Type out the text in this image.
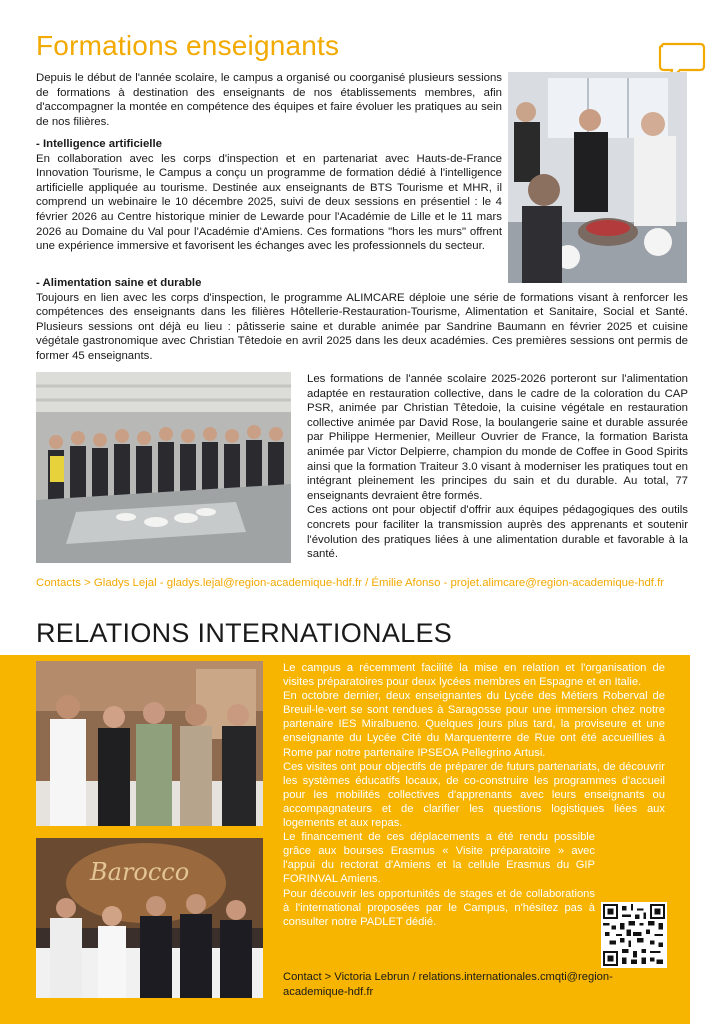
Formations enseignants

Depuis le début de l'année scolaire, le campus a organisé ou coorganisé plusieurs sessions de formations à destination des enseignants de nos établissements membres, afin d'accompagner la montée en compétence des équipes et faire évoluer les pratiques au sein de nos filières.

- Intelligence artificielle

En collaboration avec les corps d'inspection et en partenariat avec Hauts-de-France Innovation Tourisme, le Campus a conçu un programme de formation dédié à l'intelligence artificielle appliquée au tourisme. Destinée aux enseignants de BTS Tourisme et MHR, il comprend un webinaire le 10 décembre 2025, suivi de deux sessions en présentiel : le 4 février 2026 au Centre historique minier de Lewarde pour l'Académie de Lille et le 11 mars 2026 au Domaine du Val pour l'Académie d'Amiens. Ces formations "hors les murs" offrent une expérience immersive et favorisent les échanges avec les professionnels du secteur.

- Alimentation saine et durable

Toujours en lien avec les corps d'inspection, le programme ALIMCARE déploie une série de formations visant à renforcer les compétences des enseignants dans les filières Hôtellerie-Restauration-Tourisme, Alimentation et Sanitaire, Social et Santé. Plusieurs sessions ont déjà eu lieu : pâtisserie saine et durable animée par Sandrine Baumann en février 2025 et cuisine végétale gastronomique avec Christian Têtedoie en avril 2025 dans les deux académies. Ces premières sessions ont permis de former 45 enseignants.

Les formations de l'année scolaire 2025-2026 porteront sur l'alimentation adaptée en restauration collective, dans le cadre de la coloration du CAP PSR, animée par Christian Têtedoie, la cuisine végétale en restauration collective animée par David Rose, la boulangerie saine et durable assurée par Philippe Hermenier, Meilleur Ouvrier de France, la formation Barista animée par Victor Delpierre, champion du monde de Coffee in Good Spirits ainsi que la formation Traiteur 3.0 visant à moderniser les pratiques tout en intégrant pleinement les principes du sain et du durable. Au total, 77 enseignants devraient être formés.

Ces actions ont pour objectif d'offrir aux équipes pédagogiques des outils concrets pour faciliter la transmission auprès des apprenants et soutenir l'évolution des pratiques liées à une alimentation durable et favorable à la santé.

Contacts > Gladys Lejal - gladys.lejal@region-academique-hdf.fr / Émilie Afonso - projet.alimcare@region-academique-hdf.fr

RELATIONS INTERNATIONALES
Barocco

Le campus a récemment facilité la mise en relation et l'organisation de visites préparatoires pour deux lycées membres en Espagne et en Italie.

En octobre dernier, deux enseignantes du Lycée des Métiers Roberval de Breuil-le-vert se sont rendues à Saragosse pour une immersion chez notre partenaire IES Miralbueno. Quelques jours plus tard, la proviseure et une enseignante du Lycée Cité du Marquenterre de Rue ont été accueillies à Rome par notre partenaire IPSEOA Pellegrino Artusi.

Ces visites ont pour objectifs de préparer de futurs partenariats, de découvrir les systèmes éducatifs locaux, de co-construire les programmes d'accueil pour les mobilités collectives d'apprenants avec leurs enseignants ou accompagnateurs et de clarifier les questions logistiques liées aux logements et aux repas.

Le financement de ces déplacements a été rendu possible grâce aux bourses Erasmus « Visite préparatoire » avec l'appui du rectorat d'Amiens et la cellule Erasmus du GIP FORINVAL Amiens.

Pour découvrir les opportunités de stages et de collaborations à l'international proposées par le Campus, n'hésitez pas à consulter notre PADLET dédié.

Contact > Victoria Lebrun / relations.internationales.cmqti@region-academique-hdf.fr
